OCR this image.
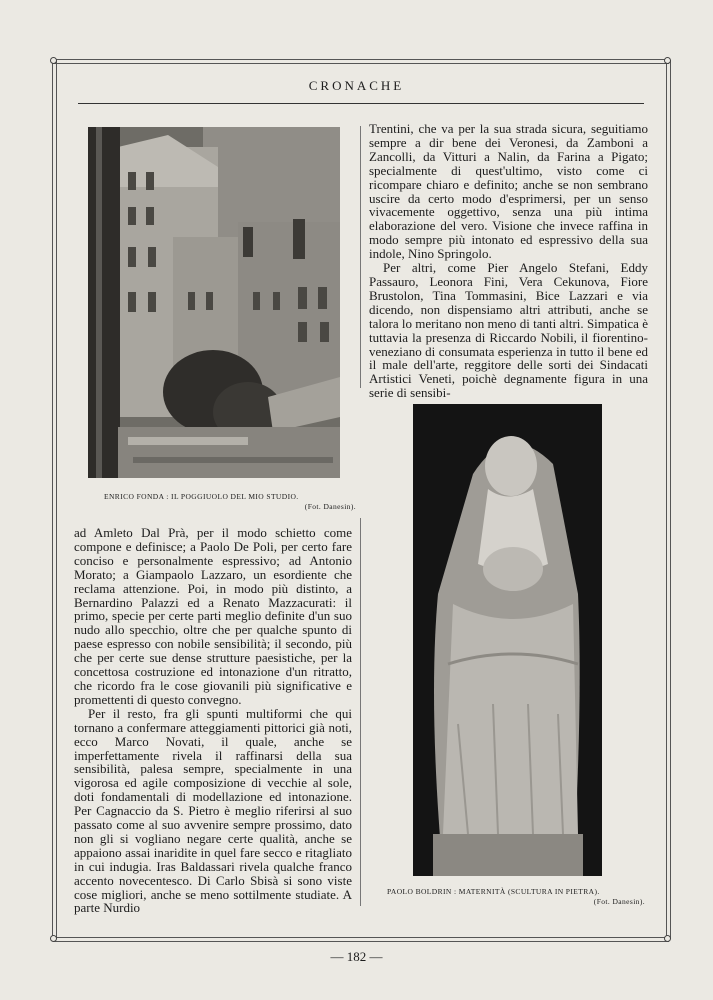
CRONACHE
ENRICO FONDA : IL POGGIUOLO DEL MIO STUDIO.
(Fot. Danesin).
PAOLO BOLDRIN : MATERNITÀ (SCULTURA IN PIETRA).
(Fot. Danesin).

Trentini, che va per la sua strada sicura, seguitiamo sempre a dir bene dei Veronesi, da Zamboni a Zancolli, da Vitturi a Nalin, da Farina a Pigato; specialmente di quest'ultimo, visto come ci ricompare chiaro e definito; anche se non sembrano uscire da certo modo d'esprimersi, per un senso vivacemente oggettivo, senza una più intima elaborazione del vero. Visione che invece raffina in modo sempre più intonato ed espressivo della sua indole, Nino Springolo.

Per altri, come Pier Angelo Stefani, Eddy Passauro, Leonora Fini, Vera Cekunova, Fiore Brustolon, Tina Tommasini, Bice Lazzari e via dicendo, non dispensiamo altri attributi, anche se talora lo meritano non meno di tanti altri. Simpatica è tuttavia la presenza di Riccardo Nobili, il fiorentino-veneziano di consumata esperienza in tutto il bene ed il male dell'arte, reggitore delle sorti dei Sindacati Artistici Veneti, poichè degnamente figura in una serie di sensibi-

ad Amleto Dal Prà, per il modo schietto come compone e definisce; a Paolo De Poli, per certo fare conciso e personalmente espressivo; ad Antonio Morato; a Giampaolo Lazzaro, un esordiente che reclama attenzione. Poi, in modo più distinto, a Bernardino Palazzi ed a Renato Mazzacurati: il primo, specie per certe parti meglio definite d'un suo nudo allo specchio, oltre che per qualche spunto di paese espresso con nobile sensibilità; il secondo, più che per certe sue dense strutture paesistiche, per la concettosa costruzione ed intonazione d'un ritratto, che ricordo fra le cose giovanili più significative e promettenti di questo convegno.

Per il resto, fra gli spunti multiformi che qui tornano a confermare atteggiamenti pittorici già noti, ecco Marco Novati, il quale, anche se imperfettamente rivela il raffinarsi della sua sensibilità, palesa sempre, specialmente in una vigorosa ed agile composizione di vecchie al sole, doti fondamentali di modellazione ed intonazione. Per Cagnaccio da S. Pietro è meglio riferirsi al suo passato come al suo avvenire sempre prossimo, dato non gli si vogliano negare certe qualità, anche se appaiono assai inaridite in quel fare secco e ritagliato in cui indugia. Iras Baldassari rivela qualche franco accento novecentesco. Di Carlo Sbisà si sono viste cose migliori, anche se meno sottilmente studiate. A parte Nurdio

— 182 —
